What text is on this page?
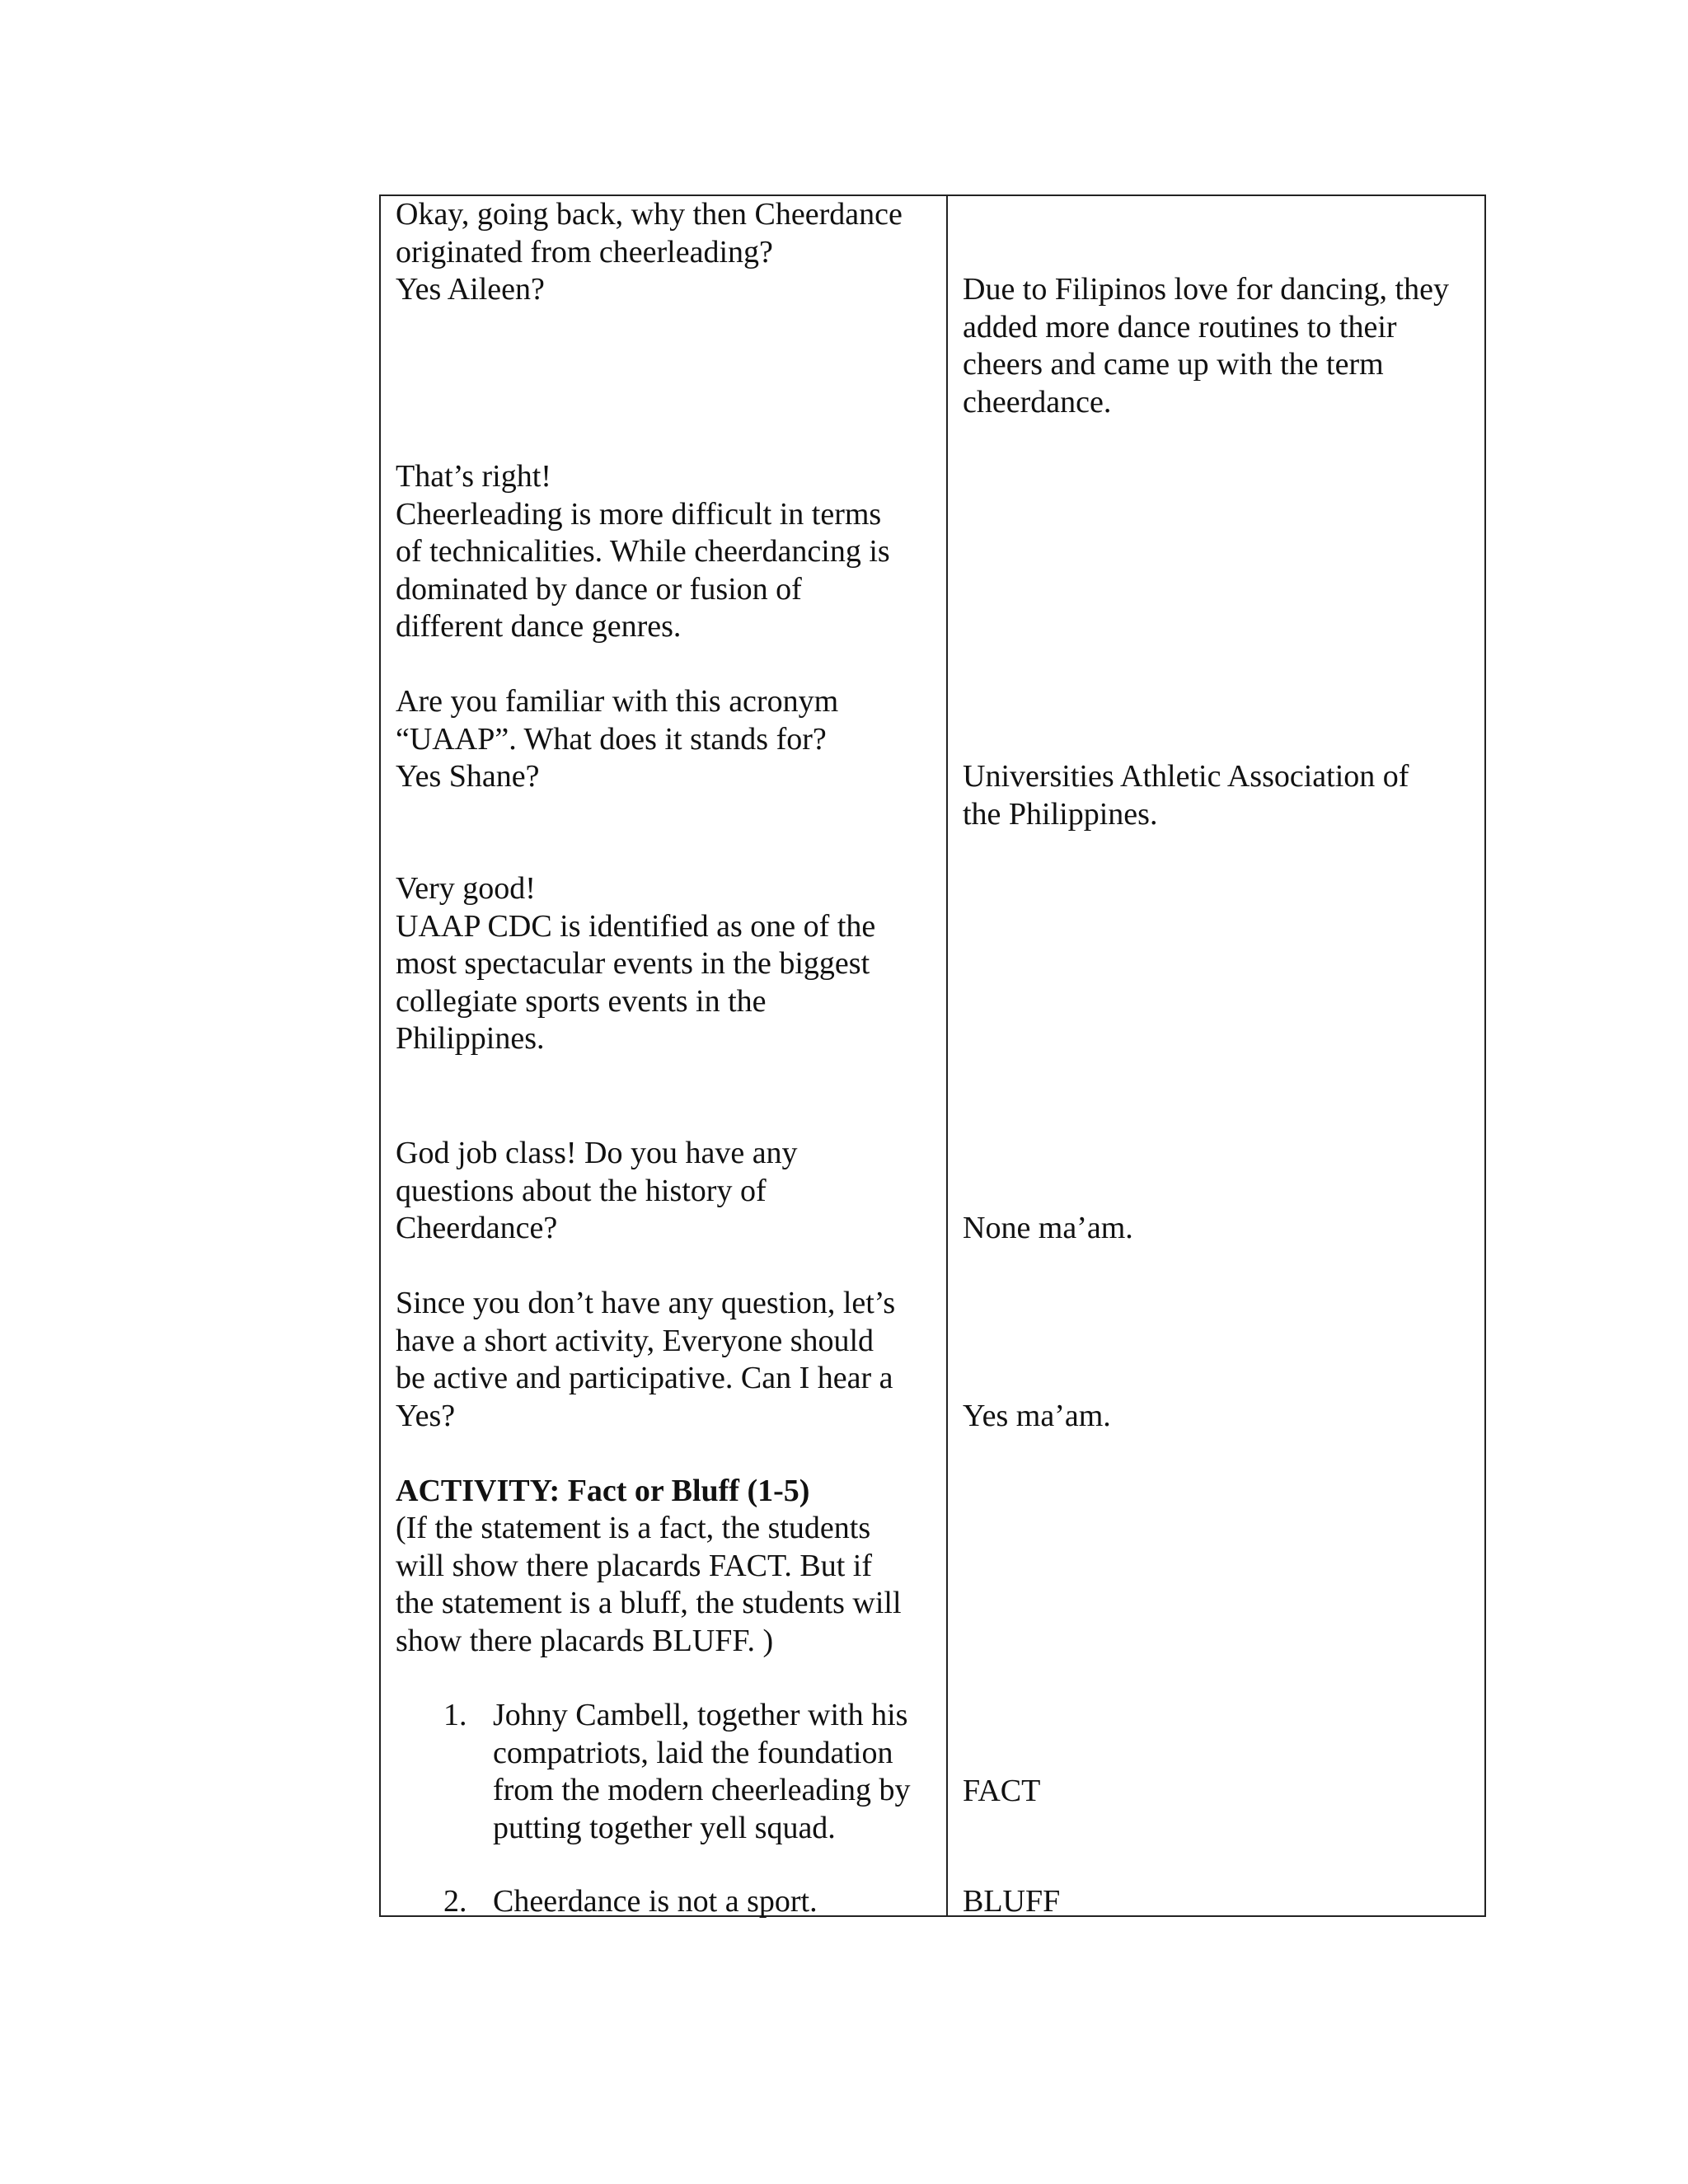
Okay, going back, why then Cheerdance
originated from cheerleading?
Yes Aileen?

That’s right!
Cheerleading is more difficult in terms
of technicalities. While cheerdancing is
dominated by dance or fusion of
different dance genres.

Are you familiar with this acronym
“UAAP”. What does it stands for?
Yes Shane?

Very good!
UAAP CDC is identified as one of the
most spectacular events in the biggest
collegiate sports events in the
Philippines.

God job class! Do you have any
questions about the history of
Cheerdance?

Since you don’t have any question, let’s
have a short activity, Everyone should
be active and participative. Can I hear a
Yes?

ACTIVITY: Fact or Bluff (1-5)

(If the statement is a fact, the students
will show there placards FACT. But if
the statement is a bluff, the students will
show there placards BLUFF. )

1. Johny Cambell, together with his
compatriots, laid the foundation
from the modern cheerleading by
putting together yell squad.
2. Cheerdance is not a sport.

Due to Filipinos love for dancing, they
added more dance routines to their
cheers and came up with the term
cheerdance.

Universities Athletic Association of
the Philippines.

None ma’am.

Yes ma’am.

FACT

BLUFF
